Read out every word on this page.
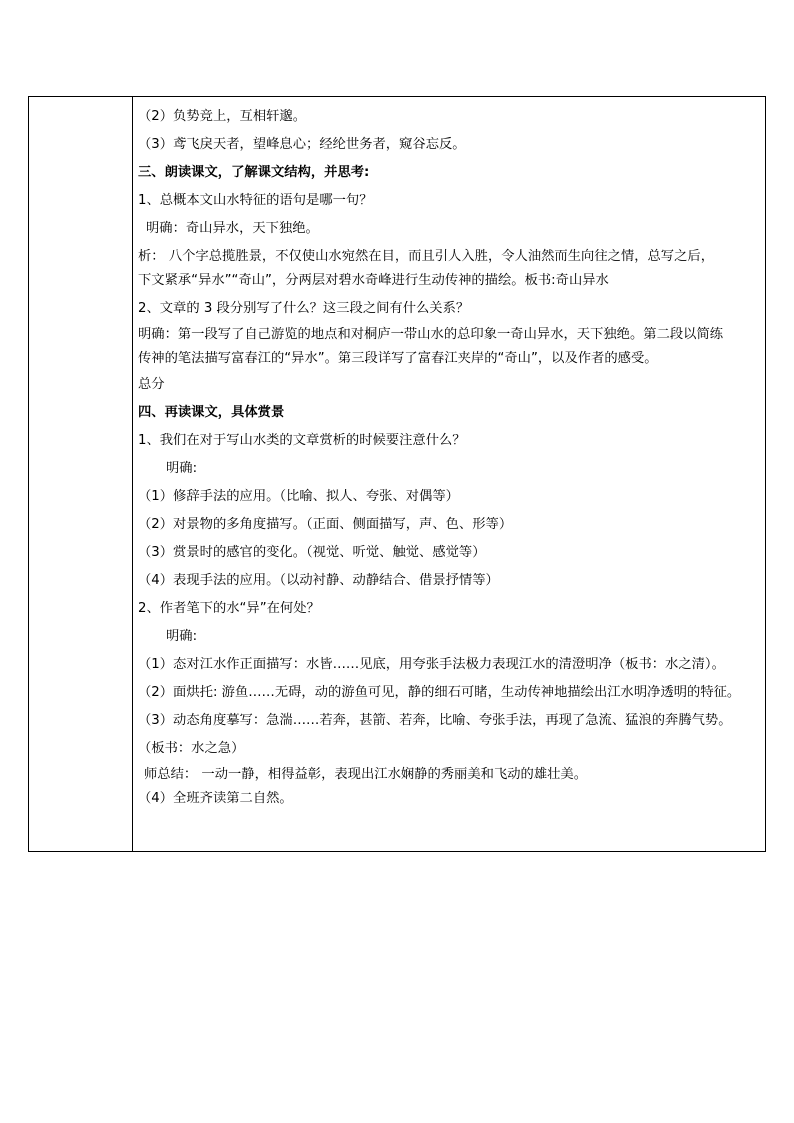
（2）负势竞上，互相轩邈。
（3）鸢飞戾天者，望峰息心；经纶世务者，窥谷忘反。
三、朗读课文，了解课文结构，并思考:
1、总概本文山水特征的语句是哪一句？
明确：奇山异水，天下独绝。
析： 八个字总揽胜景，不仅使山水宛然在目，而且引人入胜，令人油然而生向往之情，总写之后，
下文紧承“异水”“奇山”，分两层对碧水奇峰进行生动传神的描绘。板书:奇山异水
2、文章的 3 段分别写了什么？这三段之间有什么关系？
明确：第一段写了自己游览的地点和对桐庐一带山水的总印象一奇山异水，天下独绝。第二段以简练
传神的笔法描写富春江的“异水”。第三段详写了富春江夹岸的“奇山”，以及作者的感受。
总分
四、再读课文，具体赏景
1、我们在对于写山水类的文章赏析的时候要注意什么？
明确:
（1）修辞手法的应用。（比喻、拟人、夸张、对偶等）
（2）对景物的多角度描写。（正面、侧面描写，声、色、形等）
（3）赏景时的感官的变化。（视觉、听觉、触觉、感觉等）
（4）表现手法的应用。（以动衬静、动静结合、借景抒情等）
2、作者笔下的水“异”在何处？
明确:
（1）态对江水作正面描写：水皆……见底，用夸张手法极力表现江水的清澄明净（板书：水之清）。
（2）面烘托: 游鱼……无碍，动的游鱼可见，静的细石可睹，生动传神地描绘出江水明净透明的特征。
（3）动态角度摹写：急湍……若奔，甚箭、若奔，比喻、夸张手法，再现了急流、猛浪的奔腾气势。
（板书：水之急）
师总结： 一动一静，相得益彰，表现出江水娴静的秀丽美和飞动的雄壮美。
（4）全班齐读第二自然。
